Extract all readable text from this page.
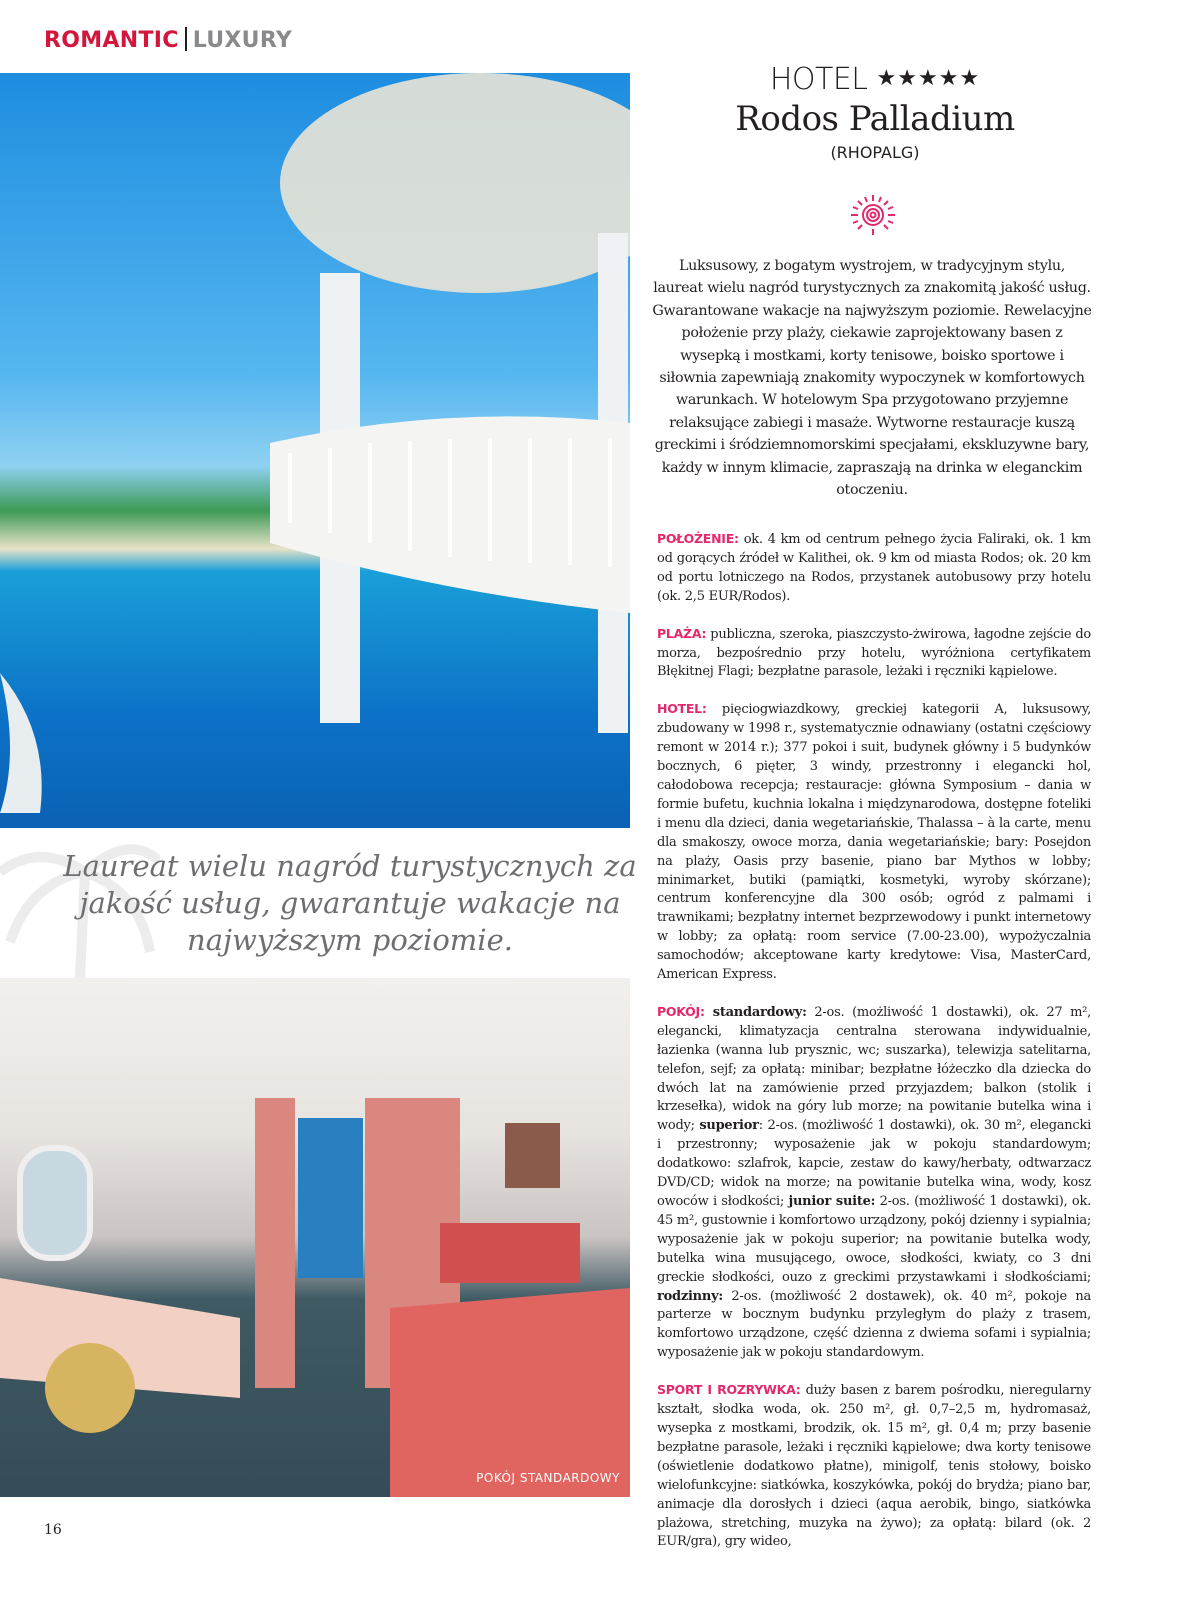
ROMANTIC LUXURY
Laureat wielu nagród turystycznych za jakość usług, gwarantuje wakacje na najwyższym poziomie.
POKÓJ STANDARDOWY
16
HOTEL ★★★★★
Rodos Palladium
(RHOPALG)
Luksusowy, z bogatym wystrojem, w tradycyjnym stylu, laureat wielu nagród turystycznych za znakomitą jakość usług. Gwarantowane wakacje na najwyższym poziomie. Rewelacyjne położenie przy plaży, ciekawie zaprojektowany basen z wysepką i mostkami, korty tenisowe, boisko sportowe i siłownia zapewniają znakomity wypoczynek w komfortowych warunkach. W hotelowym Spa przygotowano przyjemne relaksujące zabiegi i masaże. Wytworne restauracje kuszą greckimi i śródziemnomorskimi specjałami, ekskluzywne bary, każdy w innym klimacie, zapraszają na drinka w eleganckim otoczeniu.

POŁOŻENIE: ok. 4 km od centrum pełnego życia Faliraki, ok. 1 km od gorących źródeł w Kalithei, ok. 9 km od miasta Rodos; ok. 20 km od portu lotniczego na Rodos, przystanek autobusowy przy hotelu (ok. 2,5 EUR/Rodos).

PLAŻA: publiczna, szeroka, piaszczysto-żwirowa, łagodne zejście do morza, bezpośrednio przy hotelu, wyróżniona certyfikatem Błękitnej Flagi; bezpłatne parasole, leżaki i ręczniki kąpielowe.

HOTEL: pięciogwiazdkowy, greckiej kategorii A, luksusowy, zbudowany w 1998 r., systematycznie odnawiany (ostatni częściowy remont w 2014 r.); 377 pokoi i suit, budynek główny i 5 budynków bocznych, 6 pięter, 3 windy, przestronny i elegancki hol, całodobowa recepcja; restauracje: główna Symposium – dania w formie bufetu, kuchnia lokalna i międzynarodowa, dostępne foteliki i menu dla dzieci, dania wegetariańskie, Thalassa – à la carte, menu dla smakoszy, owoce morza, dania wegetariańskie; bary: Posejdon na plaży, Oasis przy basenie, piano bar Mythos w lobby; minimarket, butiki (pamiątki, kosmetyki, wyroby skórzane); centrum konferencyjne dla 300 osób; ogród z palmami i trawnikami; bezpłatny internet bezprzewodowy i punkt internetowy w lobby; za opłatą: room service (7.00-23.00), wypożyczalnia samochodów; akceptowane karty kredytowe: Visa, MasterCard, American Express.

POKÓJ: standardowy: 2-os. (możliwość 1 dostawki), ok. 27 m², elegancki, klimatyzacja centralna sterowana indywidualnie, łazienka (wanna lub prysznic, wc; suszarka), telewizja satelitarna, telefon, sejf; za opłatą: minibar; bezpłatne łóżeczko dla dziecka do dwóch lat na zamówienie przed przyjazdem; balkon (stolik i krzesełka), widok na góry lub morze; na powitanie butelka wina i wody; superior: 2-os. (możliwość 1 dostawki), ok. 30 m², elegancki i przestronny; wyposażenie jak w pokoju standardowym; dodatkowo: szlafrok, kapcie, zestaw do kawy/herbaty, odtwarzacz DVD/CD; widok na morze; na powitanie butelka wina, wody, kosz owoców i słodkości; junior suite: 2-os. (możliwość 1 dostawki), ok. 45 m², gustownie i komfortowo urządzony, pokój dzienny i sypialnia; wyposażenie jak w pokoju superior; na powitanie butelka wody, butelka wina musującego, owoce, słodkości, kwiaty, co 3 dni greckie słodkości, ouzo z greckimi przystawkami i słodkościami; rodzinny: 2-os. (możliwość 2 dostawek), ok. 40 m², pokoje na parterze w bocznym budynku przyległym do plaży z trasem, komfortowo urządzone, część dzienna z dwiema sofami i sypialnia; wyposażenie jak w pokoju standardowym.

SPORT I ROZRYWKA: duży basen z barem pośrodku, nieregularny kształt, słodka woda, ok. 250 m², gł. 0,7–2,5 m, hydromasaż, wysepka z mostkami, brodzik, ok. 15 m², gł. 0,4 m; przy basenie bezpłatne parasole, leżaki i ręczniki kąpielowe; dwa korty tenisowe (oświetlenie dodatkowo płatne), minigolf, tenis stołowy, boisko wielofunkcyjne: siatkówka, koszykówka, pokój do brydża; piano bar, animacje dla dorosłych i dzieci (aqua aerobik, bingo, siatkówka plażowa, stretching, muzyka na żywo); za opłatą: bilard (ok. 2 EUR/gra), gry wideo,
